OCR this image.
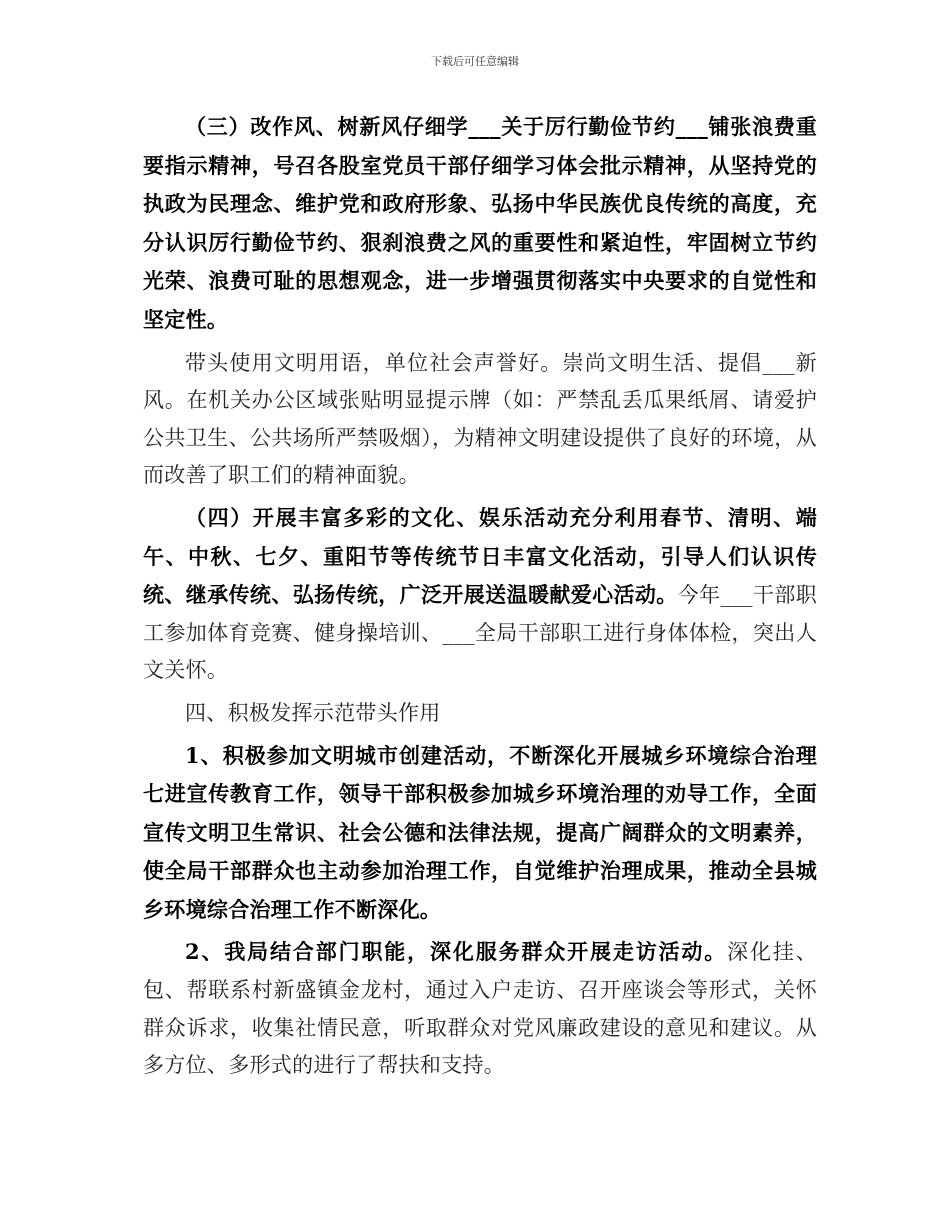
下载后可任意编辑

（三）改作风、树新风仔细学___关于厉行勤俭节约___铺张浪费重要指示精神，号召各股室党员干部仔细学习体会批示精神，从坚持党的执政为民理念、维护党和政府形象、弘扬中华民族优良传统的高度，充分认识厉行勤俭节约、狠刹浪费之风的重要性和紧迫性，牢固树立节约光荣、浪费可耻的思想观念，进一步增强贯彻落实中央要求的自觉性和坚定性。

带头使用文明用语，单位社会声誉好。崇尚文明生活、提倡___新风。在机关办公区域张贴明显提示牌（如：严禁乱丢瓜果纸屑、请爱护公共卫生、公共场所严禁吸烟），为精神文明建设提供了良好的环境，从而改善了职工们的精神面貌。

（四）开展丰富多彩的文化、娱乐活动充分利用春节、清明、端午、中秋、七夕、重阳节等传统节日丰富文化活动，引导人们认识传统、继承传统、弘扬传统，广泛开展送温暖献爱心活动。今年___干部职工参加体育竞赛、健身操培训、___全局干部职工进行身体体检，突出人文关怀。

四、积极发挥示范带头作用

1、积极参加文明城市创建活动，不断深化开展城乡环境综合治理七进宣传教育工作，领导干部积极参加城乡环境治理的劝导工作，全面宣传文明卫生常识、社会公德和法律法规，提高广阔群众的文明素养，使全局干部群众也主动参加治理工作，自觉维护治理成果，推动全县城乡环境综合治理工作不断深化。

2、我局结合部门职能，深化服务群众开展走访活动。深化挂、包、帮联系村新盛镇金龙村，通过入户走访、召开座谈会等形式，关怀群众诉求，收集社情民意，听取群众对党风廉政建设的意见和建议。从多方位、多形式的进行了帮扶和支持。
